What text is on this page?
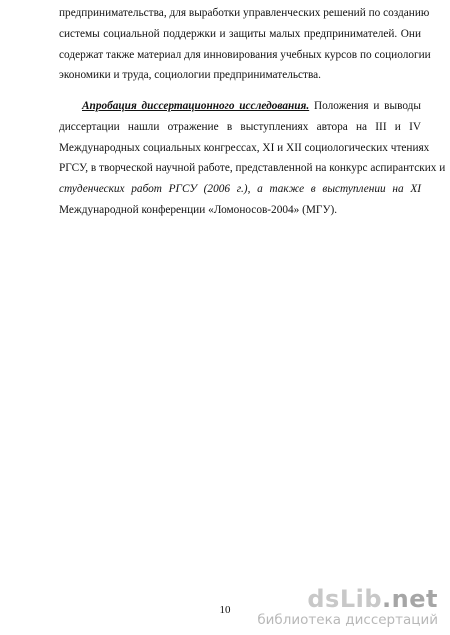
предпринимательства, для выработки управленческих решений по созданию
системы социальной поддержки и защиты малых предпринимателей. Они
содержат также материал для инновирования учебных курсов по социологии
экономики и труда, социологии предпринимательства.
Апробация диссертационного исследования. Положения и выводы
диссертации нашли отражение в выступлениях автора на III и IV
Международных социальных конгрессах, XI и XII социологических чтениях
РГСУ, в творческой научной работе, представленной на конкурс аспирантских и
студенческих работ РГСУ (2006 г.), а также в выступлении на XI
Международной конференции «Ломоносов-2004» (МГУ).
10	dsLib.net
библиотека диссертаций
